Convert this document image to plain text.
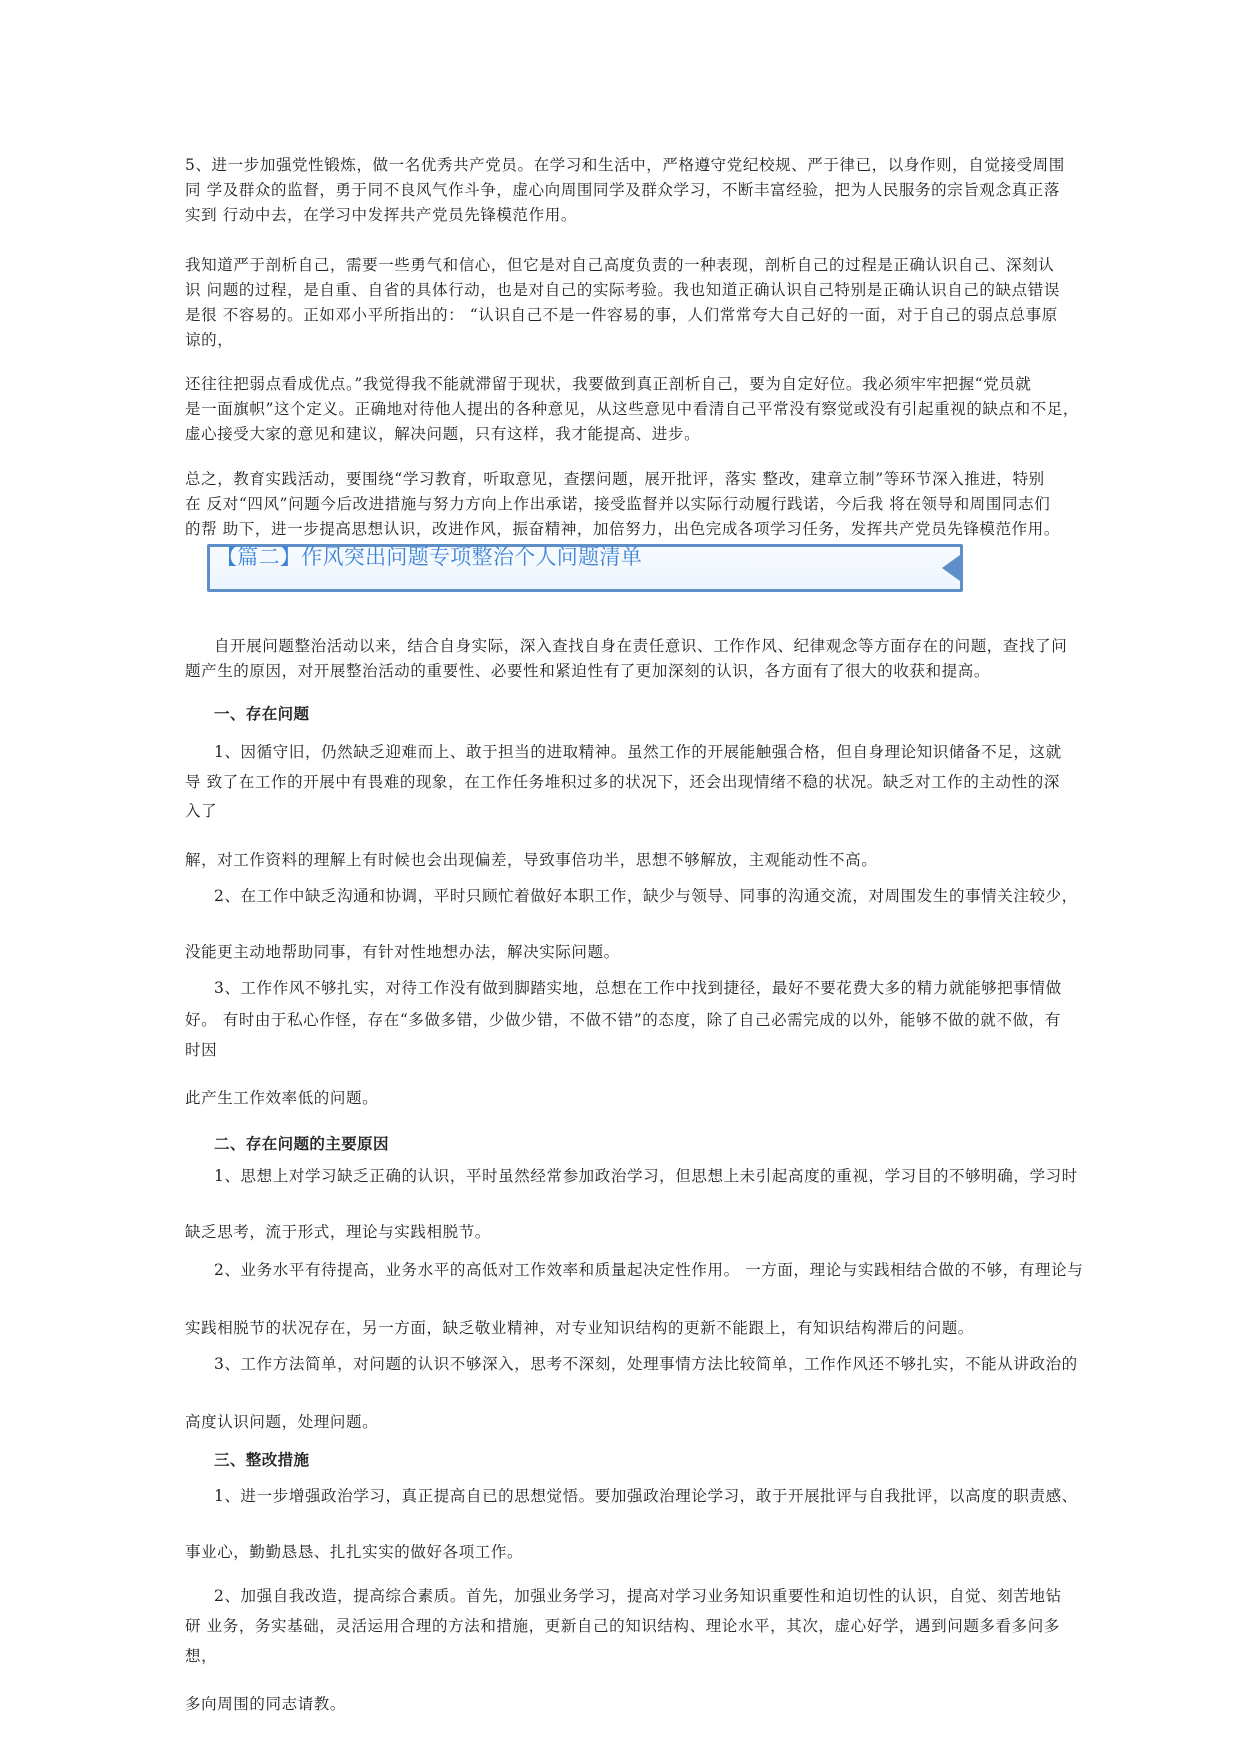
5、进一步加强党性锻炼，做一名优秀共产党员。在学习和生活中，严格遵守党纪校规、严于律已，以身作则，自觉接受周围
同 学及群众的监督，勇于同不良风气作斗争，虚心向周围同学及群众学习，不断丰富经验，把为人民服务的宗旨观念真正落
实到 行动中去，在学习中发挥共产党员先锋模范作用。
我知道严于剖析自己，需要一些勇气和信心，但它是对自己高度负责的一种表现，剖析自己的过程是正确认识自己、深刻认
识 问题的过程，是自重、自省的具体行动，也是对自己的实际考验。我也知道正确认识自己特别是正确认识自己的缺点错误
是很 不容易的。正如邓小平所指出的： “认识自己不是一件容易的事，人们常常夸大自己好的一面，对于自己的弱点总事原
谅的，
还往往把弱点看成优点。”我觉得我不能就滞留于现状，我要做到真正剖析自己，要为自定好位。我必须牢牢把握“党员就
是一面旗帜”这个定义。正确地对待他人提出的各种意见，从这些意见中看清自己平常没有察觉或没有引起重视的缺点和不足，
虚心接受大家的意见和建议，解决问题，只有这样，我才能提高、进步。
总之，教育实践活动，要围绕“学习教育，听取意见，查摆问题，展开批评，落实 整改，建章立制”等环节深入推进，特别
在 反对“四风”问题今后改进措施与努力方向上作出承诺，接受监督并以实际行动履行践诺，今后我 将在领导和周围同志们
的帮 助下，进一步提高思想认识，改进作风，振奋精神，加倍努力，出色完成各项学习任务，发挥共产党员先锋模范作用。
【篇二】作风突出问题专项整治个人问题清单
自开展问题整治活动以来，结合自身实际，深入查找自身在责任意识、工作作风、纪律观念等方面存在的问题，查找了问
题产生的原因，对开展整治活动的重要性、必要性和紧迫性有了更加深刻的认识，各方面有了很大的收获和提高。
一、存在问题
1、因循守旧，仍然缺乏迎难而上、敢于担当的进取精神。虽然工作的开展能触强合格，但自身理论知识储备不足，这就
导 致了在工作的开展中有畏难的现象，在工作任务堆积过多的状况下，还会出现情绪不稳的状况。缺乏对工作的主动性的深
入了
解，对工作资料的理解上有时候也会出现偏差，导致事倍功半，思想不够解放，主观能动性不高。
2、在工作中缺乏沟通和协调，平时只顾忙着做好本职工作，缺少与领导、同事的沟通交流，对周围发生的事情关注较少，
没能更主动地帮助同事，有针对性地想办法，解决实际问题。
3、工作作风不够扎实，对待工作没有做到脚踏实地，总想在工作中找到捷径，最好不要花费大多的精力就能够把事情做
好。 有时由于私心作怪，存在“多做多错，少做少错，不做不错”的态度，除了自己必需完成的以外，能够不做的就不做，有
时因
此产生工作效率低的问题。
二、存在问题的主要原因
1、思想上对学习缺乏正确的认识，平时虽然经常参加政治学习，但思想上未引起高度的重视，学习目的不够明确，学习时
缺乏思考，流于形式，理论与实践相脱节。
2、业务水平有待提高，业务水平的高低对工作效率和质量起决定性作用。 一方面，理论与实践相结合做的不够，有理论与
实践相脱节的状况存在，另一方面，缺乏敬业精神，对专业知识结构的更新不能跟上，有知识结构滞后的问题。
3、工作方法简单，对问题的认识不够深入，思考不深刻，处理事情方法比较简单，工作作风还不够扎实，不能从讲政治的
高度认识问题，处理问题。
三、整改措施
1、进一步增强政治学习，真正提高自已的思想觉悟。要加强政治理论学习，敢于开展批评与自我批评，以高度的职责感、
事业心，勤勤恳恳、扎扎实实的做好各项工作。
2、加强自我改造，提高综合素质。首先，加强业务学习，提高对学习业务知识重要性和迫切性的认识，自觉、刻苦地钻
研 业务，务实基础，灵活运用合理的方法和措施，更新自己的知识结构、理论水平，其次，虚心好学，遇到问题多看多问多
想，
多向周围的同志请教。
